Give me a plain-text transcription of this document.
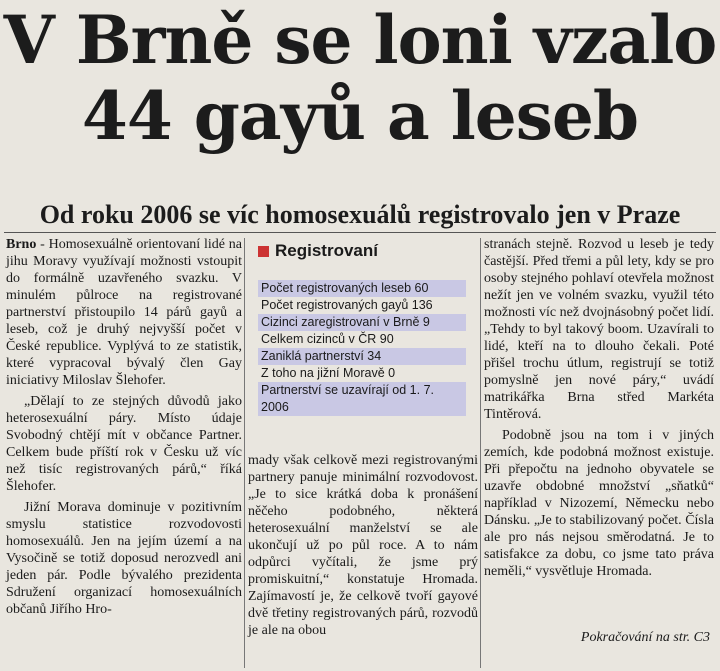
V Brně se loni vzalo
44 gayů a leseb
Od roku 2006 se víc homosexuálů registrovalo jen v Praze

Brno - Homosexuálně orientovaní lidé na jihu Moravy využívají možnosti vstoupit do formálně uzavřeného svazku. V minulém půlroce na registrované partnerství přistoupilo 14 párů gayů a leseb, což je druhý nejvyšší počet v České republice. Vyplývá to ze statistik, které vypracoval bývalý člen Gay iniciativy Miloslav Šlehofer.

„Dělají to ze stejných důvodů jako heterosexuální páry. Místo údaje Svobodný chtějí mít v občance Partner. Celkem bude příští rok v Česku už víc než tisíc registrovaných párů,“ říká Šlehofer.

Jižní Morava dominuje v pozitivním smyslu statistice rozvodovosti homosexuálů. Jen na jejím území a na Vysočině se totiž doposud nerozvedl ani jeden pár. Podle bývalého prezidenta Sdružení organizací homosexuálních občanů Jiřího Hro-

Registrovaní
Počet registrovaných leseb 60
Počet registrovaných gayů 136
Cizinci zaregistrovaní v Brně 9
Celkem cizinců v ČR 90
Zaniklá partnerství 34
Z toho na jižní Moravě 0
Partnerství se uzavírají od 1. 7. 2006

mady však celkově mezi registrovanými partnery panuje minimální rozvodovost. „Je to sice krátká doba k pronášení něčeho podobného, některá heterosexuální manželství se ale ukončují už po půl roce. A to nám odpůrci vyčítali, že jsme prý promiskuitní,“ konstatuje Hromada. Zajímavostí je, že celkově tvoří gayové dvě třetiny registrovaných párů, rozvodů je ale na obou

stranách stejně. Rozvod u leseb je tedy častější. Před třemi a půl lety, kdy se pro osoby stejného pohlaví otevřela možnost nežít jen ve volném svazku, využil této možnosti víc než dvojnásobný počet lidí. „Tehdy to byl takový boom. Uzavírali to lidé, kteří na to dlouho čekali. Poté přišel trochu útlum, registrují se totiž pomyslně jen nové páry,“ uvádí matrikářka Brna střed Markéta Tintěrová.

Podobně jsou na tom i v jiných zemích, kde podobná možnost existuje. Při přepočtu na jednoho obyvatele se uzavře obdobné množství „sňatků“ například v Nizozemí, Německu nebo Dánsku. „Je to stabilizovaný počet. Čísla ale pro nás nejsou směrodatná. Je to satisfakce za dobu, co jsme tato práva neměli,“ vysvětluje Hromada.

Pokračování na str. C3
